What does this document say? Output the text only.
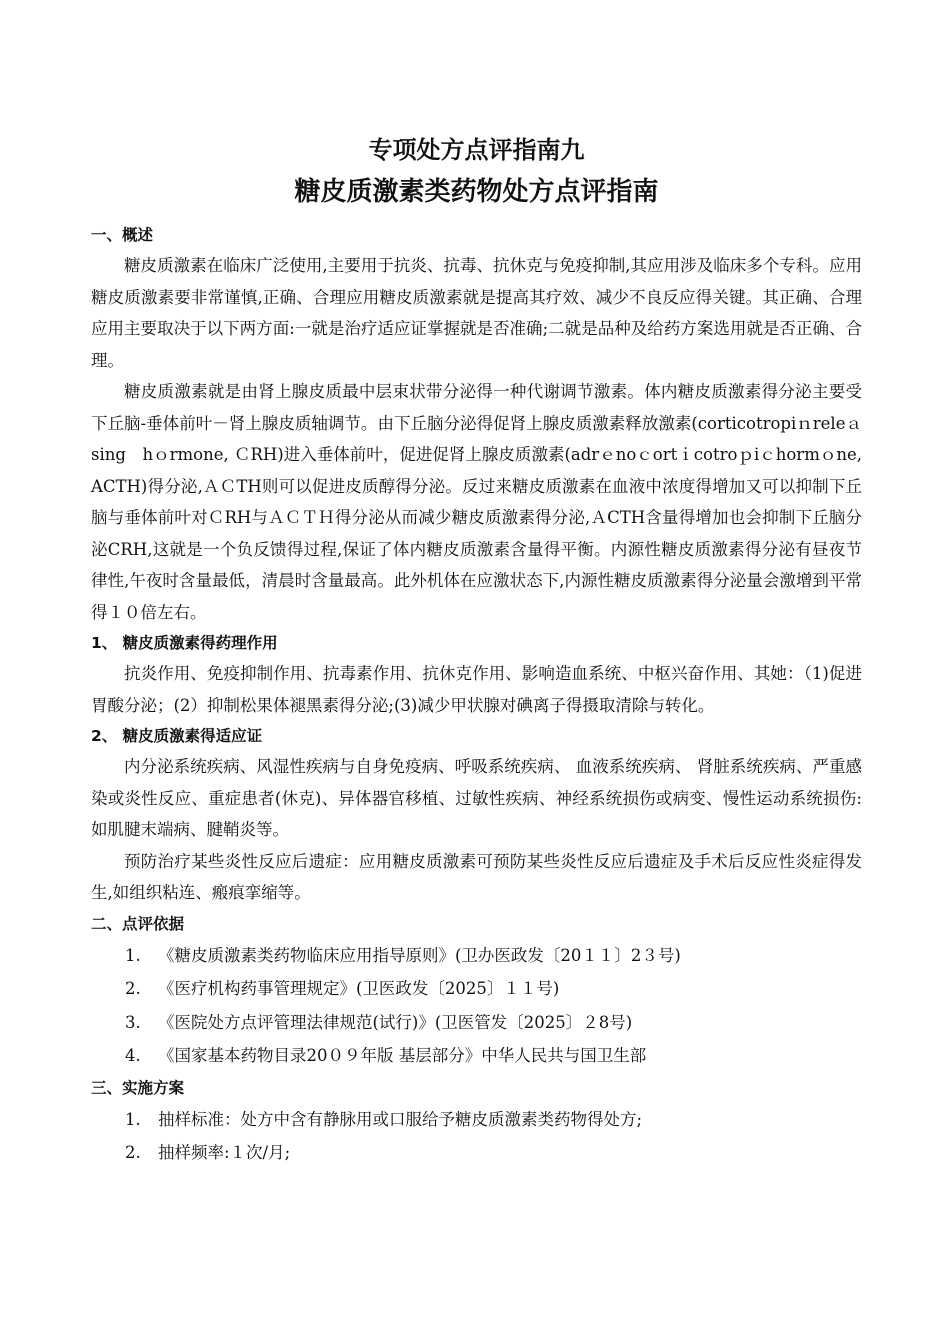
专项处方点评指南九
糖皮质激素类药物处方点评指南
一、概述

糖皮质激素在临床广泛使用,主要用于抗炎、抗毒、抗休克与免疫抑制,其应用涉及临床多个专科。应用糖皮质激素要非常谨慎,正确、合理应用糖皮质激素就是提高其疗效、减少不良反应得关键。其正确、合理应用主要取决于以下两方面:一就是治疗适应证掌握就是否准确;二就是品种及给药方案选用就是否正确、合理。

糖皮质激素就是由肾上腺皮质最中层束状带分泌得一种代谢调节激素。体内糖皮质激素得分泌主要受下丘脑-垂体前叶－肾上腺皮质轴调节。由下丘脑分泌得促肾上腺皮质激素释放激素(corticotropiｎreleａsing　hｏrmone, ＣRH)进入垂体前叶，促进促肾上腺皮质激素(adrｅnoｃortｉcotroｐiｃhormｏne, ACTH)得分泌,ＡＣTH则可以促进皮质醇得分泌。反过来糖皮质激素在血液中浓度得增加又可以抑制下丘脑与垂体前叶对ＣRH与ＡＣＴＨ得分泌从而减少糖皮质激素得分泌,ＡCTH含量得增加也会抑制下丘脑分泌CRH,这就是一个负反馈得过程,保证了体内糖皮质激素含量得平衡。内源性糖皮质激素得分泌有昼夜节律性,午夜时含量最低，清晨时含量最高。此外机体在应激状态下,内源性糖皮质激素得分泌量会激增到平常得１０倍左右。

1、 糖皮质激素得药理作用

抗炎作用、免疫抑制作用、抗毒素作用、抗休克作用、影响造血系统、中枢兴奋作用、其她：（1)促进胃酸分泌；(2）抑制松果体褪黑素得分泌;(3)减少甲状腺对碘离子得摄取清除与转化。

2、 糖皮质激素得适应证

内分泌系统疾病、风湿性疾病与自身免疫病、呼吸系统疾病、 血液系统疾病、 肾脏系统疾病、严重感染或炎性反应、重症患者(休克)、异体器官移植、过敏性疾病、神经系统损伤或病变、慢性运动系统损伤:如肌腱末端病、腱鞘炎等。

预防治疗某些炎性反应后遗症：应用糖皮质激素可预防某些炎性反应后遗症及手术后反应性炎症得发生,如组织粘连、瘢痕挛缩等。

二、点评依据
1. 《糖皮质激素类药物临床应用指导原则》(卫办医政发〔20１１〕2３号)
2. 《医疗机构药事管理规定》(卫医政发〔2025〕１１号)
3. 《医院处方点评管理法律规范(试行)》(卫医管发〔2025〕２8号)
4. 《国家基本药物目录20０９年版 基层部分》中华人民共与国卫生部
三、实施方案
1. 抽样标准：处方中含有静脉用或口服给予糖皮质激素类药物得处方;
2. 抽样频率:１次/月;
